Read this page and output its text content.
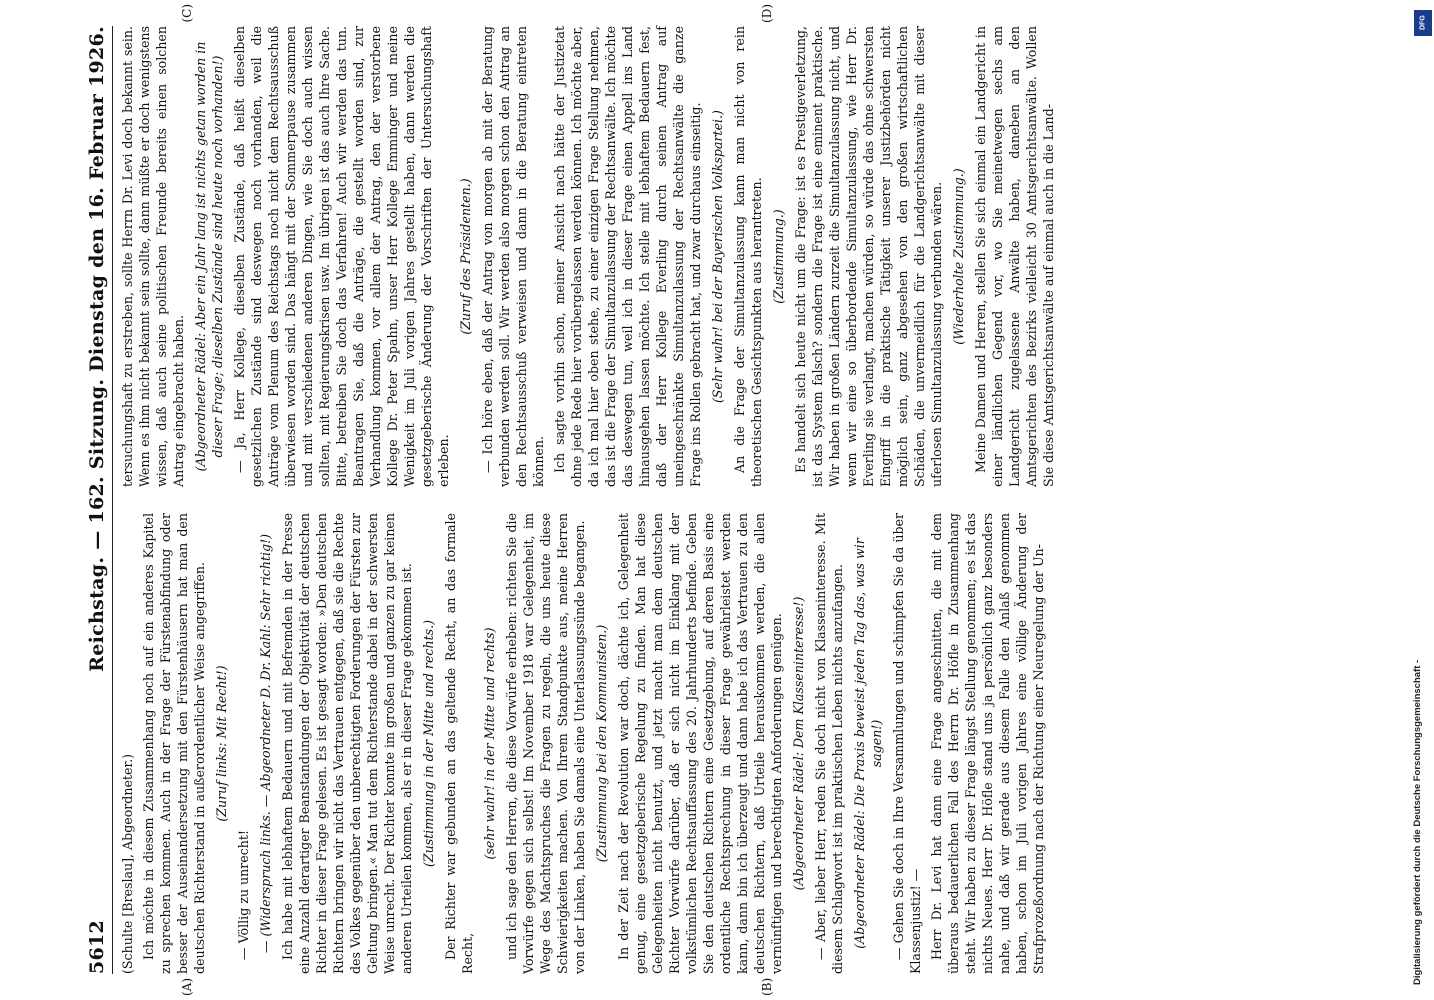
5612
Reichstag. — 162. Sitzung. Dienstag den 16. Februar 1926.
(A)	(B)

(Schulte [Breslau], Abgeordneter.) Ich möchte in diesem Zusammenhang noch auf ein anderes Kapitel zu sprechen kommen. Auch in der Frage der Fürstenabfindung oder besser der Auseinandersetzung mit den Fürstenhäusern hat man den deutschen Richterstand in außerordentlicher Weise angegriffen. (Zuruf links: Mit Recht!)

— Völlig zu unrecht! — (Widerspruch links. — Abgeordneter D. Dr. Kahl: Sehr richtig!) Ich habe mit lebhaftem Bedauern und mit Befremden in der Presse eine Anzahl derartiger Beanstandungen der Objektivität der deutschen Richter in dieser Frage gelesen. Es ist gesagt worden: »Den deutschen Richtern bringen wir nicht das Vertrauen entgegen, daß sie die Rechte des Volkes gegenüber den unberechtigten Forderungen der Fürsten zur Geltung bringen.« Man tut dem Richterstande dabei in der schwersten Weise unrecht. Der Richter konnte im großen und ganzen zu gar keinen anderen Urteilen kommen, als er in dieser Frage gekommen ist. (Zustimmung in der Mitte und rechts.) Der Richter war gebunden an das geltende Recht, an das formale Recht,

(sehr wahr! in der Mitte und rechts) und ich sage den Herren, die diese Vorwürfe erheben: richten Sie die Vorwürfe gegen sich selbst! Im November 1918 war Gelegenheit, im Wege des Machtspruches die Fragen zu regeln, die uns heute diese Schwierigkeiten machen. Von Ihrem Standpunkte aus, meine Herren von der Linken, haben Sie damals eine Unterlassungssünde begangen. (Zustimmung bei den Kommunisten.) In der Zeit nach der Revolution war doch, dächte ich, Gelegenheit genug, eine gesetzgeberische Regelung zu finden. Man hat diese Gelegenheiten nicht benutzt, und jetzt macht man dem deutschen Richter Vorwürfe darüber, daß er sich nicht im Einklang mit der volkstümlichen Rechtsauffassung des 20. Jahrhunderts befinde. Geben Sie den deutschen Richtern eine Gesetzgebung, auf deren Basis eine ordentliche Rechtsprechung in dieser Frage gewährleistet werden kann, dann bin ich überzeugt und dann habe ich das Vertrauen zu den deutschen Richtern, daß Urteile herauskommen werden, die allen vernünftigen und berechtigten Anforderungen genügen. (Abgeordneter Rädel: Dem Klasseninteresse!) — Aber, lieber Herr, reden Sie doch nicht von Klasseninteresse. Mit diesem Schlagwort ist im praktischen Leben nichts anzufangen. (Abgeordneter Rädel: Die Praxis beweist jeden Tag das, was wir sagen!) — Gehen Sie doch in Ihre Versammlungen und schimpfen Sie da über Klassenjustiz! — Herr Dr. Levi hat dann eine Frage angeschnitten, die mit dem überaus bedauerlichen Fall des Herrn Dr. Höfle in Zusammenhang steht. Wir haben zu dieser Frage längst Stellung genommen; es ist das nichts Neues. Herr Dr. Höfle stand uns ja persönlich ganz besonders nahe, und daß wir gerade aus diesem Falle den Anlaß genommen haben, schon im Juli vorigen Jahres eine völlige Änderung der Strafprozeßordnung nach der Richtung einer Neuregelung der Un-

(C)	(D)

tersuchungshaft zu erstreben, sollte Herrn Dr. Levi doch bekannt sein. Wenn es ihm nicht bekannt sein sollte, dann müßte er doch wenigstens wissen, daß auch seine politischen Freunde bereits einen solchen Antrag eingebracht haben. (Abgeordneter Rädel: Aber ein Jahr lang ist nichts getan worden in dieser Frage; dieselben Zustände sind heute noch vorhanden!) — Ja, Herr Kollege, dieselben Zustände, daß heißt dieselben gesetzlichen Zustände sind deswegen noch vorhanden, weil die Anträge vom Plenum des Reichstags noch nicht dem Rechtsausschuß überwiesen worden sind. Das hängt mit der Sommerpause zusammen und mit verschiedenen anderen Dingen, wie Sie doch auch wissen sollten, mit Regierungskrisen usw. Im übrigen ist das auch Ihre Sache. Bitte, betreiben Sie doch das Verfahren! Auch wir werden das tun. Beantragen Sie, daß die Anträge, die gestellt worden sind, zur Verhandlung kommen, vor allem der Antrag, den der verstorbene Kollege Dr. Peter Spahn, unser Herr Kollege Emminger und meine Wenigkeit im Juli vorigen Jahres gestellt haben, dann werden die gesetzgeberische Änderung der Vorschriften der Untersuchungshaft erleben.

(Zuruf des Präsidenten.) — Ich höre eben, daß der Antrag von morgen ab mit der Beratung verbunden werden soll. Wir werden also morgen schon den Antrag an den Rechtsausschuß verweisen und dann in die Beratung eintreten können. Ich sagte vorhin schon, meiner Ansicht nach hätte der Justizetat ohne jede Rede hier vorübergelassen werden können. Ich möchte aber, da ich mal hier oben stehe, zu einer einzigen Frage Stellung nehmen, das ist die Frage der Simultanzulassung der Rechtsanwälte. Ich möchte das deswegen tun, weil ich in dieser Frage einen Appell ins Land hinausgehen lassen möchte. Ich stelle mit lebhaftem Bedauern fest, daß der Herr Kollege Everling durch seinen Antrag auf uneingeschränkte Simultanzulassung der Rechtsanwälte die ganze Frage ins Rollen gebracht hat, und zwar durchaus einseitig. (Sehr wahr! bei der Bayerischen Volkspartei.) An die Frage der Simultanzulassung kann man nicht von rein theoretischen Gesichtspunkten aus herantreten. (Zustimmung.) Es handelt sich heute nicht um die Frage: ist es Prestigeverletzung, ist das System falsch? sondern die Frage ist eine eminent praktische. Wir haben in großen Ländern zurzeit die Simultanzulassung nicht, und wenn wir eine so überbordende Simultanzulassung, wie Herr Dr. Everling sie verlangt, machen würden, so würde das ohne schwersten Eingriff in die praktische Tätigkeit unserer Justizbehörden nicht möglich sein, ganz abgesehen von den großen wirtschaftlichen Schäden, die unvermeidlich für die Landgerichtsanwälte mit dieser uferlosen Simultanzulassung verbunden wären. (Wiederholte Zustimmung.) Meine Damen und Herren, stellen Sie sich einmal ein Landgericht in einer ländlichen Gegend vor, wo Sie meinetwegen sechs am Landgericht zugelassene Anwälte haben, daneben an den Amtsgerichten des Bezirks vielleicht 30 Amtsgerichtsanwälte. Wollen Sie diese Amtsgerichtsanwälte auf einmal auch in die Land-

DFG
Digitalisierung gefördert durch die Deutsche Forschungsgemeinschaft -
